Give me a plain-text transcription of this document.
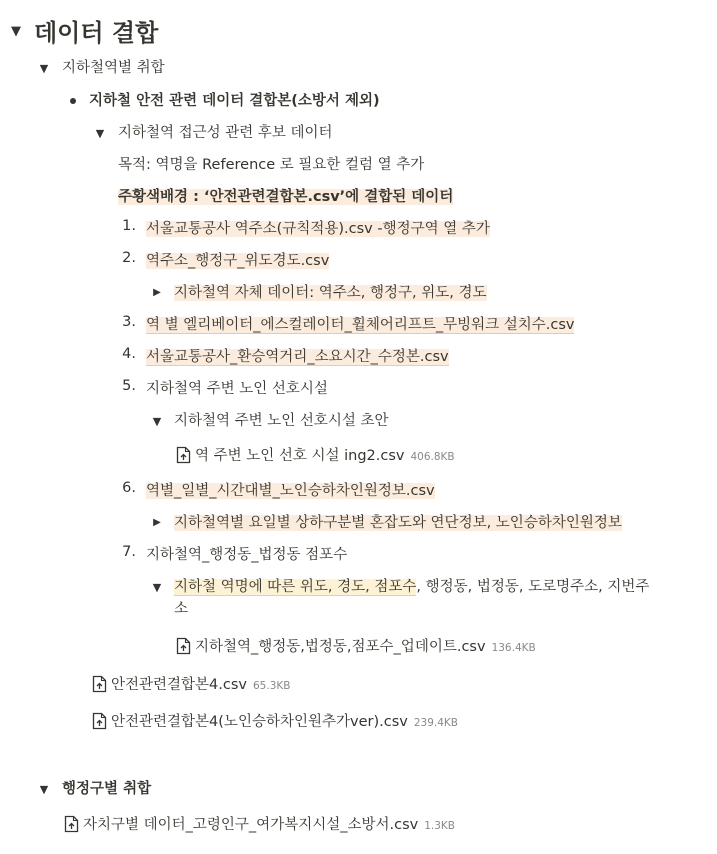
▼ 데이터 결합
▼ 지하철역별 취합
지하철 안전 관련 데이터 결합본(소방서 제외)
▼ 지하철역 접근성 관련 후보 데이터
목적: 역명을 Reference 로 필요한 컬럼 열 추가
주황색배경 : ‘안전관련결합본.csv’에 결합된 데이터
1. 서울교통공사 역주소(규칙적용).csv -행정구역 열 추가
2. 역주소_행정구_위도경도.csv
▶ 지하철역 자체 데이터: 역주소, 행정구, 위도, 경도
3. 역 별 엘리베이터_에스컬레이터_휠체어리프트_무빙워크 설치수.csv
4. 서울교통공사_환승역거리_소요시간_수정본.csv
5. 지하철역 주변 노인 선호시설
▼ 지하철역 주변 노인 선호시설 초안
역 주변 노인 선호 시설 ing2.csv 406.8KB
6. 역별_일별_시간대별_노인승하차인원정보.csv
▶ 지하철역별 요일별 상하구분별 혼잡도와 연단정보, 노인승하차인원정보
7. 지하철역_행정동_법정동 점포수
▼ 지하철 역명에 따른 위도, 경도, 점포수, 행정동, 법정동, 도로명주소, 지번주
소
지하철역_행정동,법정동,점포수_업데이트.csv 136.4KB
안전관련결합본4.csv 65.3KB
안전관련결합본4(노인승하차인원추가ver).csv 239.4KB
▼ 행정구별 취합
자치구별 데이터_고령인구_여가복지시설_소방서.csv 1.3KB
